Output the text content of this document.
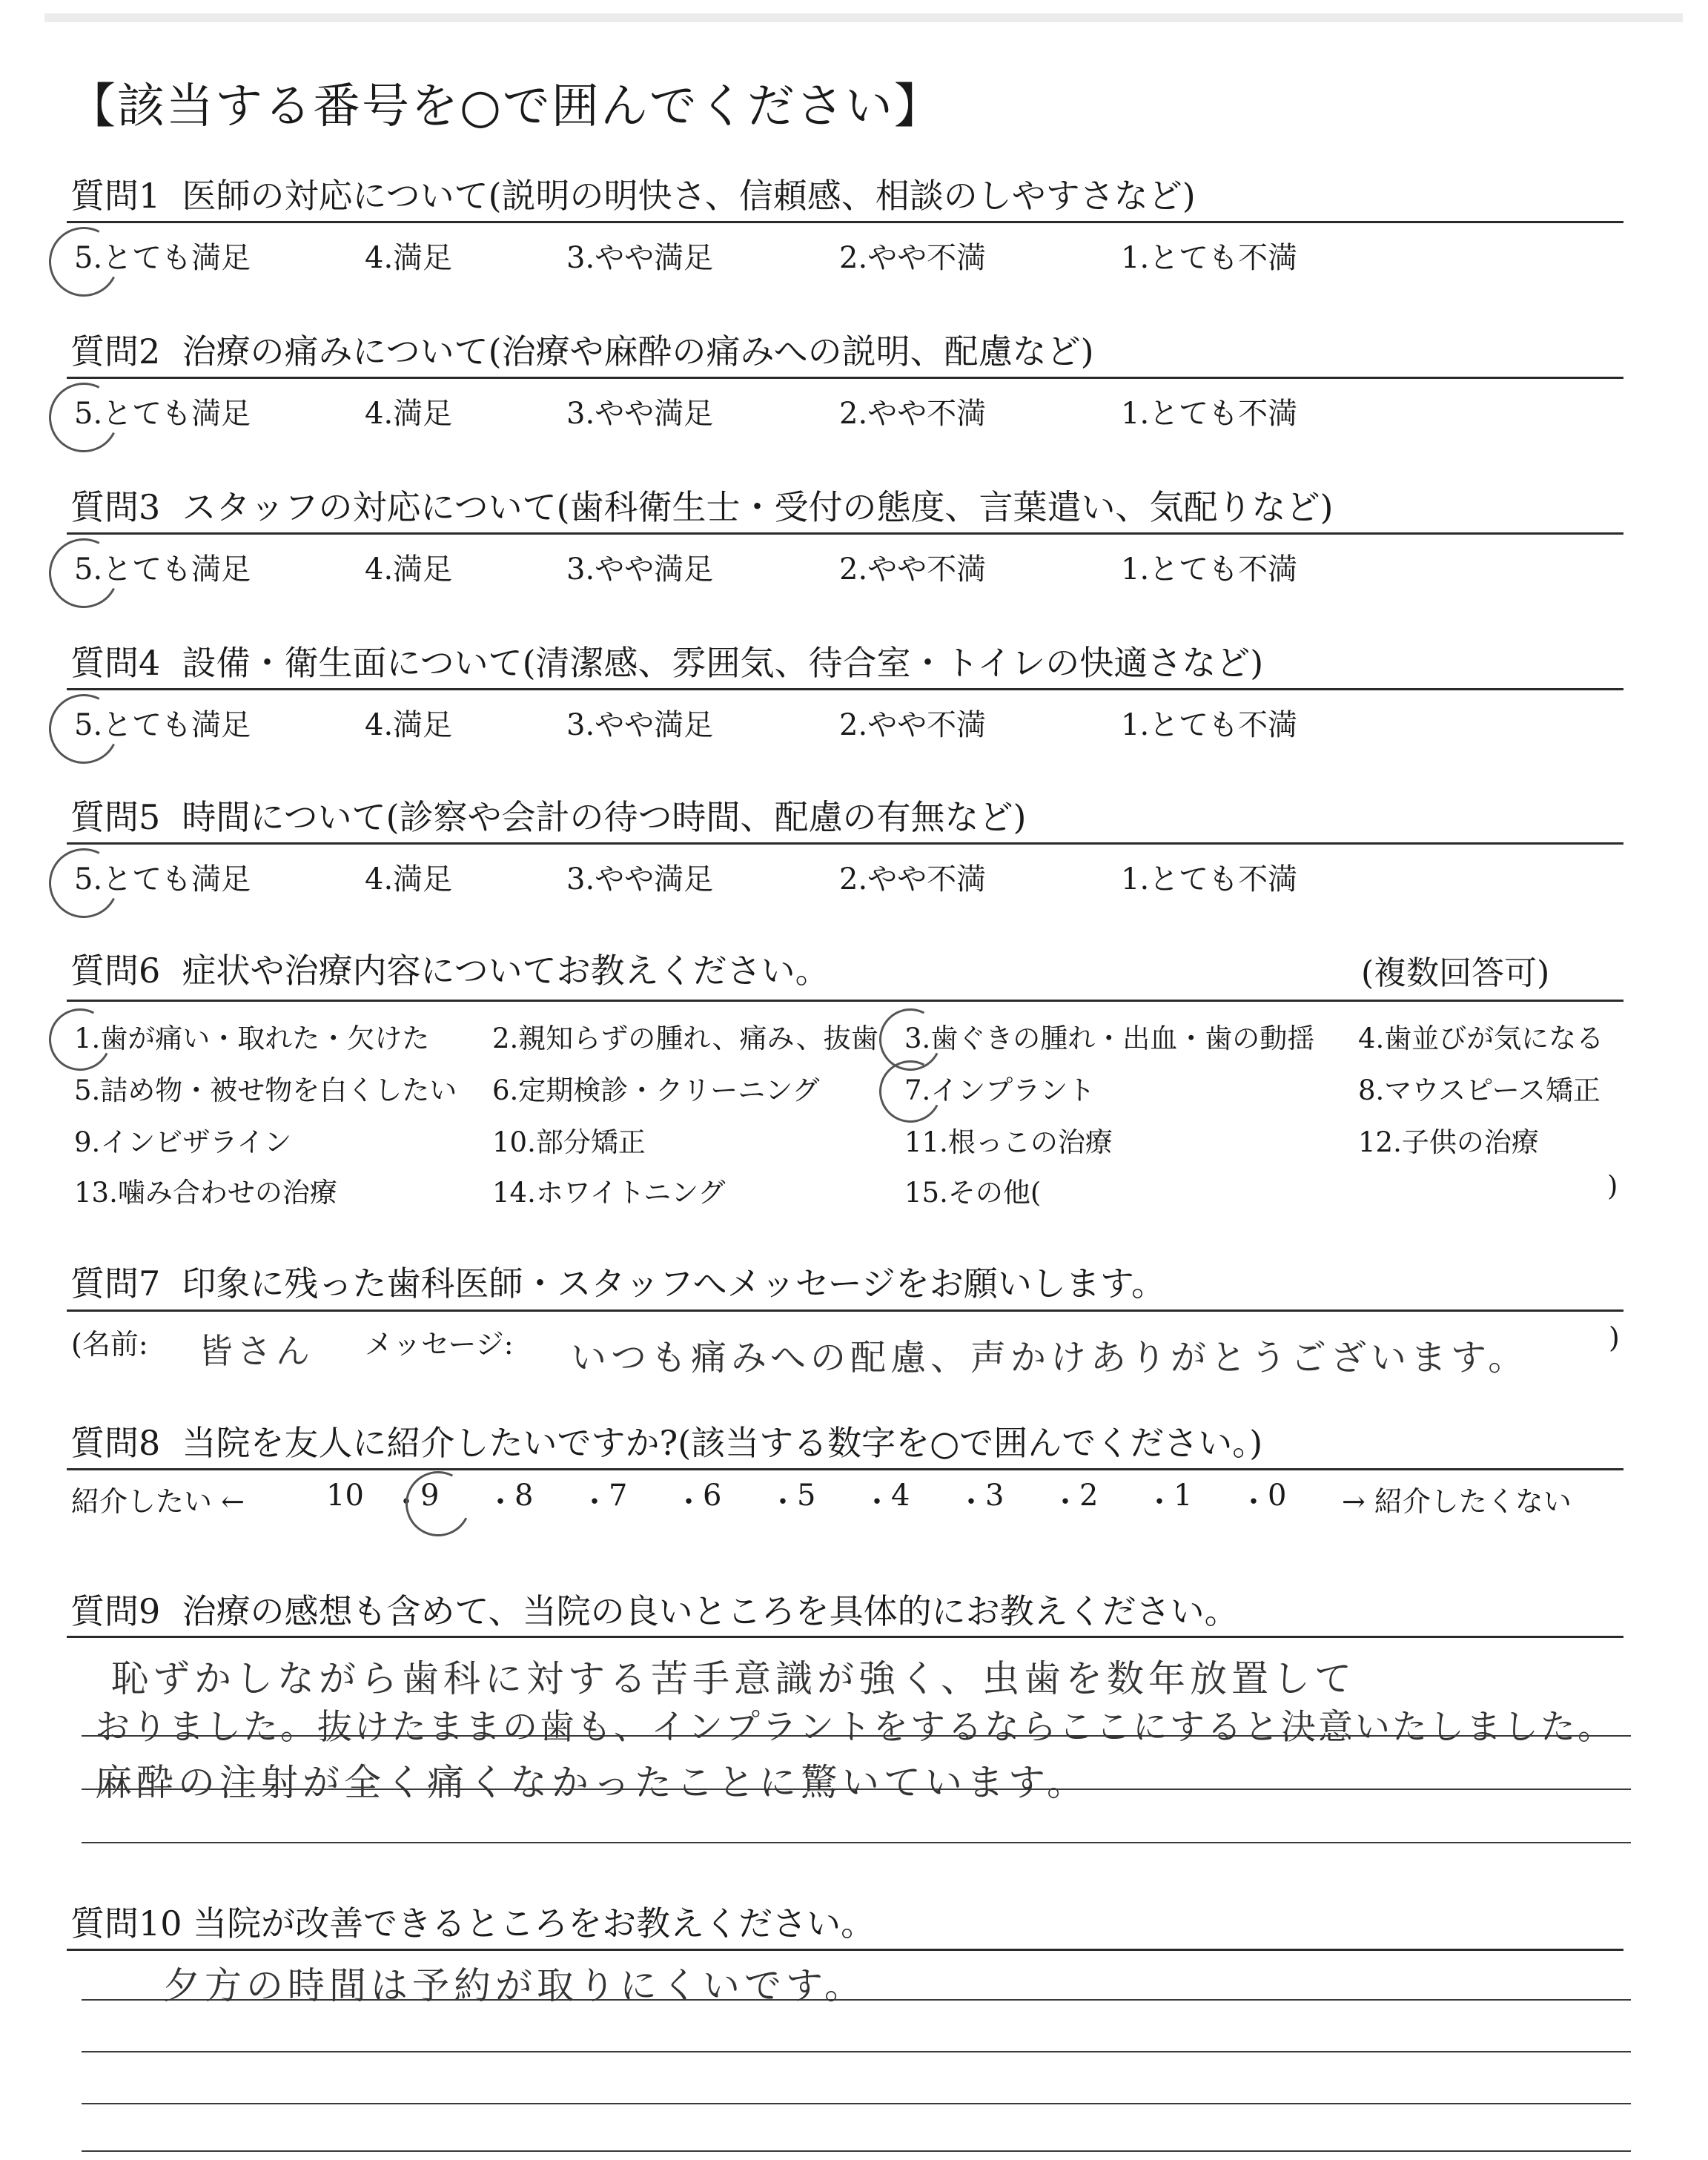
【該当する番号を○で囲んでください】
質問1 医師の対応について(説明の明快さ、信頼感、相談のしやすさなど)
5.とても満足	4.満足	3.やや満足	2.やや不満	1.とても不満
質問2 治療の痛みについて(治療や麻酔の痛みへの説明、配慮など)
5.とても満足	4.満足	3.やや満足	2.やや不満	1.とても不満
質問3 スタッフの対応について(歯科衛生士・受付の態度、言葉遣い、気配りなど)
5.とても満足	4.満足	3.やや満足	2.やや不満	1.とても不満
質問4 設備・衛生面について(清潔感、雰囲気、待合室・トイレの快適さなど)
5.とても満足	4.満足	3.やや満足	2.やや不満	1.とても不満
質問5 時間について(診察や会計の待つ時間、配慮の有無など)
5.とても満足	4.満足	3.やや満足	2.やや不満	1.とても不満
質問6 症状や治療内容についてお教えください。	(複数回答可)
1.歯が痛い・取れた・欠けた 2.親知らずの腫れ、痛み、抜歯 3.歯ぐきの腫れ・出血・歯の動揺 4.歯並びが気になる
5.詰め物・被せ物を白くしたい 6.定期検診・クリーニング	7.インプラント	8.マウスピース矯正
9.インビザライン	10.部分矯正	11.根っこの治療	12.子供の治療
13.噛み合わせの治療	14.ホワイトニング	15.その他(	)
質問7 印象に残った歯科医師・スタッフへメッセージをお願いします。
(名前: 皆さん メッセージ: いつも痛みへの配慮、声かけありがとうございます。	)
質問8 当院を友人に紹介したいですか?(該当する数字を○で囲んでください。)
紹介したい ←	10 ・ 9 ・ 8 ・ 7 ・ 6 ・ 5 ・ 4 ・ 3 ・ 2 ・ 1 ・ 0 → 紹介したくない
質問9 治療の感想も含めて、当院の良いところを具体的にお教えください。
恥ずかしながら歯科に対する苦手意識が強く、虫歯を数年放置して
おりました。抜けたままの歯も、インプラントをするならここにすると決意いたしました。
麻酔の注射が全く痛くなかったことに驚いています。
質問10 当院が改善できるところをお教えください。
夕方の時間は予約が取りにくいです。
